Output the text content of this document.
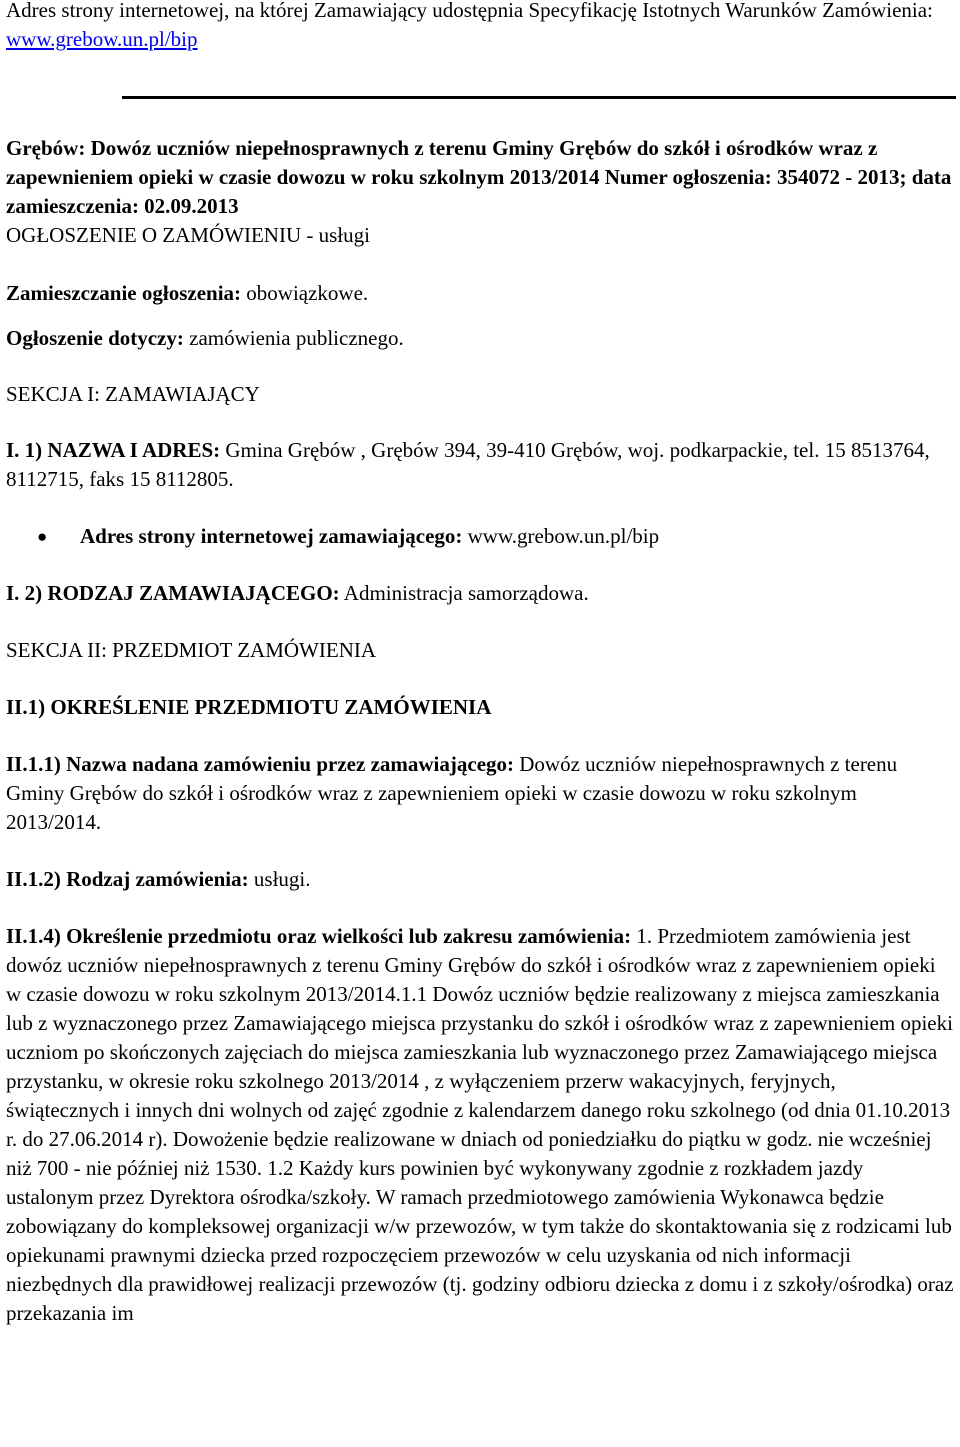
Adres strony internetowej, na której Zamawiający udostępnia Specyfikację Istotnych Warunków Zamówienia:
www.grebow.un.pl/bip

Grębów: Dowóz uczniów niepełnosprawnych z terenu Gminy Grębów do szkół i ośrodków wraz z zapewnieniem opieki w czasie dowozu w roku szkolnym 2013/2014 Numer ogłoszenia: 354072 - 2013; data zamieszczenia: 02.09.2013

OGŁOSZENIE O ZAMÓWIENIU - usługi

Zamieszczanie ogłoszenia: obowiązkowe.

Ogłoszenie dotyczy: zamówienia publicznego.

SEKCJA I: ZAMAWIAJĄCY

I. 1) NAZWA I ADRES: Gmina Grębów , Grębów 394, 39-410 Grębów, woj. podkarpackie, tel. 15 8513764, 8112715, faks 15 8112805.

● Adres strony internetowej zamawiającego: www.grebow.un.pl/bip

I. 2) RODZAJ ZAMAWIAJĄCEGO: Administracja samorządowa.

SEKCJA II: PRZEDMIOT ZAMÓWIENIA

II.1) OKREŚLENIE PRZEDMIOTU ZAMÓWIENIA

II.1.1) Nazwa nadana zamówieniu przez zamawiającego: Dowóz uczniów niepełnosprawnych z terenu Gminy Grębów do szkół i ośrodków wraz z zapewnieniem opieki w czasie dowozu w roku szkolnym 2013/2014.

II.1.2) Rodzaj zamówienia: usługi.

II.1.4) Określenie przedmiotu oraz wielkości lub zakresu zamówienia: 1. Przedmiotem zamówienia jest dowóz uczniów niepełnosprawnych z terenu Gminy Grębów do szkół i ośrodków wraz z zapewnieniem opieki w czasie dowozu w roku szkolnym 2013/2014.1.1 Dowóz uczniów będzie realizowany z miejsca zamieszkania lub z wyznaczonego przez Zamawiającego miejsca przystanku do szkół i ośrodków wraz z zapewnieniem opieki uczniom po skończonych zajęciach do miejsca zamieszkania lub wyznaczonego przez Zamawiającego miejsca przystanku, w okresie roku szkolnego 2013/2014 , z wyłączeniem przerw wakacyjnych, feryjnych, świątecznych i innych dni wolnych od zajęć zgodnie z kalendarzem danego roku szkolnego (od dnia 01.10.2013 r. do 27.06.2014 r). Dowożenie będzie realizowane w dniach od poniedziałku do piątku w godz. nie wcześniej niż 700 - nie później niż 1530. 1.2 Każdy kurs powinien być wykonywany zgodnie z rozkładem jazdy ustalonym przez Dyrektora ośrodka/szkoły. W ramach przedmiotowego zamówienia Wykonawca będzie zobowiązany do kompleksowej organizacji w/w przewozów, w tym także do skontaktowania się z rodzicami lub opiekunami prawnymi dziecka przed rozpoczęciem przewozów w celu uzyskania od nich informacji niezbędnych dla prawidłowej realizacji przewozów (tj. godziny odbioru dziecka z domu i z szkoły/ośrodka) oraz przekazania im
